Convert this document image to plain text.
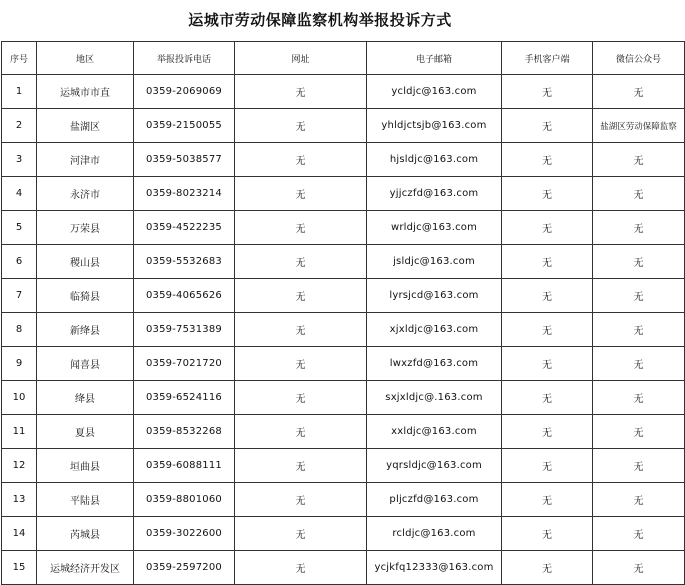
运城市劳动保障监察机构举报投诉方式
序号	地区	举报投诉电话	网址	电子邮箱	手机客户端	微信公众号
1	运城市市直	0359-2069069	无	ycldjc@163.com	无	无
2	盐湖区	0359-2150055	无	yhldjctsjb@163.com	无	盐湖区劳动保障监察
3	河津市	0359-5038577	无	hjsldjc@163.com	无	无
4	永济市	0359-8023214	无	yjjczfd@163.com	无	无
5	万荣县	0359-4522235	无	wrldjc@163.com	无	无
6	稷山县	0359-5532683	无	jsldjc@163.com	无	无
7	临猗县	0359-4065626	无	lyrsjcd@163.com	无	无
8	新绛县	0359-7531389	无	xjxldjc@163.com	无	无
9	闻喜县	0359-7021720	无	lwxzfd@163.com	无	无
10	绛县	0359-6524116	无	sxjxldjc@.163.com	无	无
11	夏县	0359-8532268	无	xxldjc@163.com	无	无
12	垣曲县	0359-6088111	无	yqrsldjc@163.com	无	无
13	平陆县	0359-8801060	无	pljczfd@163.com	无	无
14	芮城县	0359-3022600	无	rcldjc@163.com	无	无
15	运城经济开发区	0359-2597200	无	ycjkfq12333@163.com	无	无
